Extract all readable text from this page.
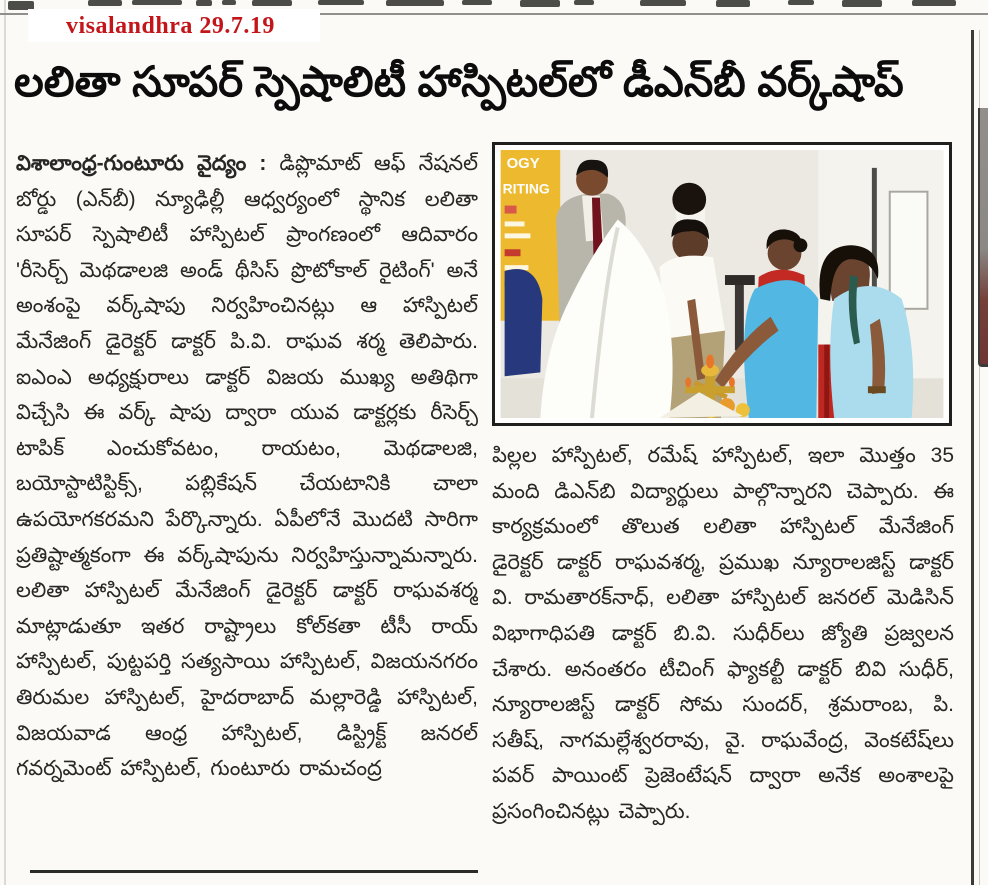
visalandhra 29.7.19
లలితా సూపర్ స్పెషాలిటీ హాస్పిటల్‌లో డీఎన్‌బీ వర్క్‌షాప్
విశాలాంధ్ర-గుంటూరు వైద్యం : డిప్లొమాట్ ఆఫ్ నేషనల్ బోర్డు (ఎన్‌బీ) న్యూఢిల్లీ ఆధ్వర్యంలో స్థానిక లలితా సూపర్ స్పెషాలిటీ హాస్పిటల్ ప్రాంగణంలో ఆదివారం 'రీసెర్చ్ మెథడాలజి అండ్ థీసిస్ ప్రొటోకాల్ రైటింగ్' అనే అంశంపై వర్క్‌షాపు నిర్వహించినట్లు ఆ హాస్పిటల్ మేనేజింగ్ డైరెక్టర్ డాక్టర్ పి.వి. రాఘవ శర్మ తెలిపారు. ఐఎంఎ అధ్యక్షురాలు డాక్టర్ విజయ ముఖ్య అతిథిగా విచ్చేసి ఈ వర్క్ షాపు ద్వారా యువ డాక్టర్లకు రీసెర్చ్ టాపిక్ ఎంచుకోవటం, రాయటం, మెథడాలజి, బయోస్టాటిస్టిక్స్, పబ్లికేషన్ చేయటానికి చాలా ఉపయోగకరమని పేర్కొన్నారు. ఏపీలోనే మొదటి సారిగా ప్రతిష్టాత్మకంగా ఈ వర్క్‌షాపును నిర్వహిస్తున్నామన్నారు. లలితా హాస్పిటల్ మేనేజింగ్ డైరెక్టర్ డాక్టర్ రాఘవశర్మ మాట్లాడుతూ ఇతర రాష్ట్రాలు కోల్‌కతా టీసీ రాయ్ హాస్పిటల్, పుట్టపర్తి సత్యసాయి హాస్పిటల్, విజయనగరం తిరుమల హాస్పిటల్, హైదరాబాద్ మల్లారెడ్డి హాస్పిటల్, విజయవాడ ఆంధ్ర హాస్పిటల్, డిస్ట్రిక్ట్ జనరల్ గవర్నమెంట్ హాస్పిటల్, గుంటూరు రామచంద్ర
OGY
RITING
పిల్లల హాస్పిటల్, రమేష్ హాస్పిటల్, ఇలా మొత్తం 35 మంది డిఎన్‌బి విద్యార్థులు పాల్గొన్నారని చెప్పారు. ఈ కార్యక్రమంలో తొలుత లలితా హాస్పిటల్ మేనేజింగ్ డైరెక్టర్ డాక్టర్ రాఘవశర్మ, ప్రముఖ న్యూరాలజిస్ట్ డాక్టర్ వి. రామతారక్‌నాధ్, లలితా హాస్పిటల్ జనరల్ మెడిసిన్ విభాగాధిపతి డాక్టర్ బి.వి. సుధీర్‌లు జ్యోతి ప్రజ్వలన చేశారు. అనంతరం టీచింగ్ ఫ్యాకల్టీ డాక్టర్ బివి సుధీర్, న్యూరాలజిస్ట్ డాక్టర్ సోమ సుందర్, శ్రమరాంబ, పి. సతీష్, నాగమల్లేశ్వరరావు, వై. రాఘవేంద్ర, వెంకటేష్‌లు పవర్ పాయింట్ ప్రెజెంటేషన్ ద్వారా అనేక అంశాలపై ప్రసంగించినట్లు చెప్పారు.
